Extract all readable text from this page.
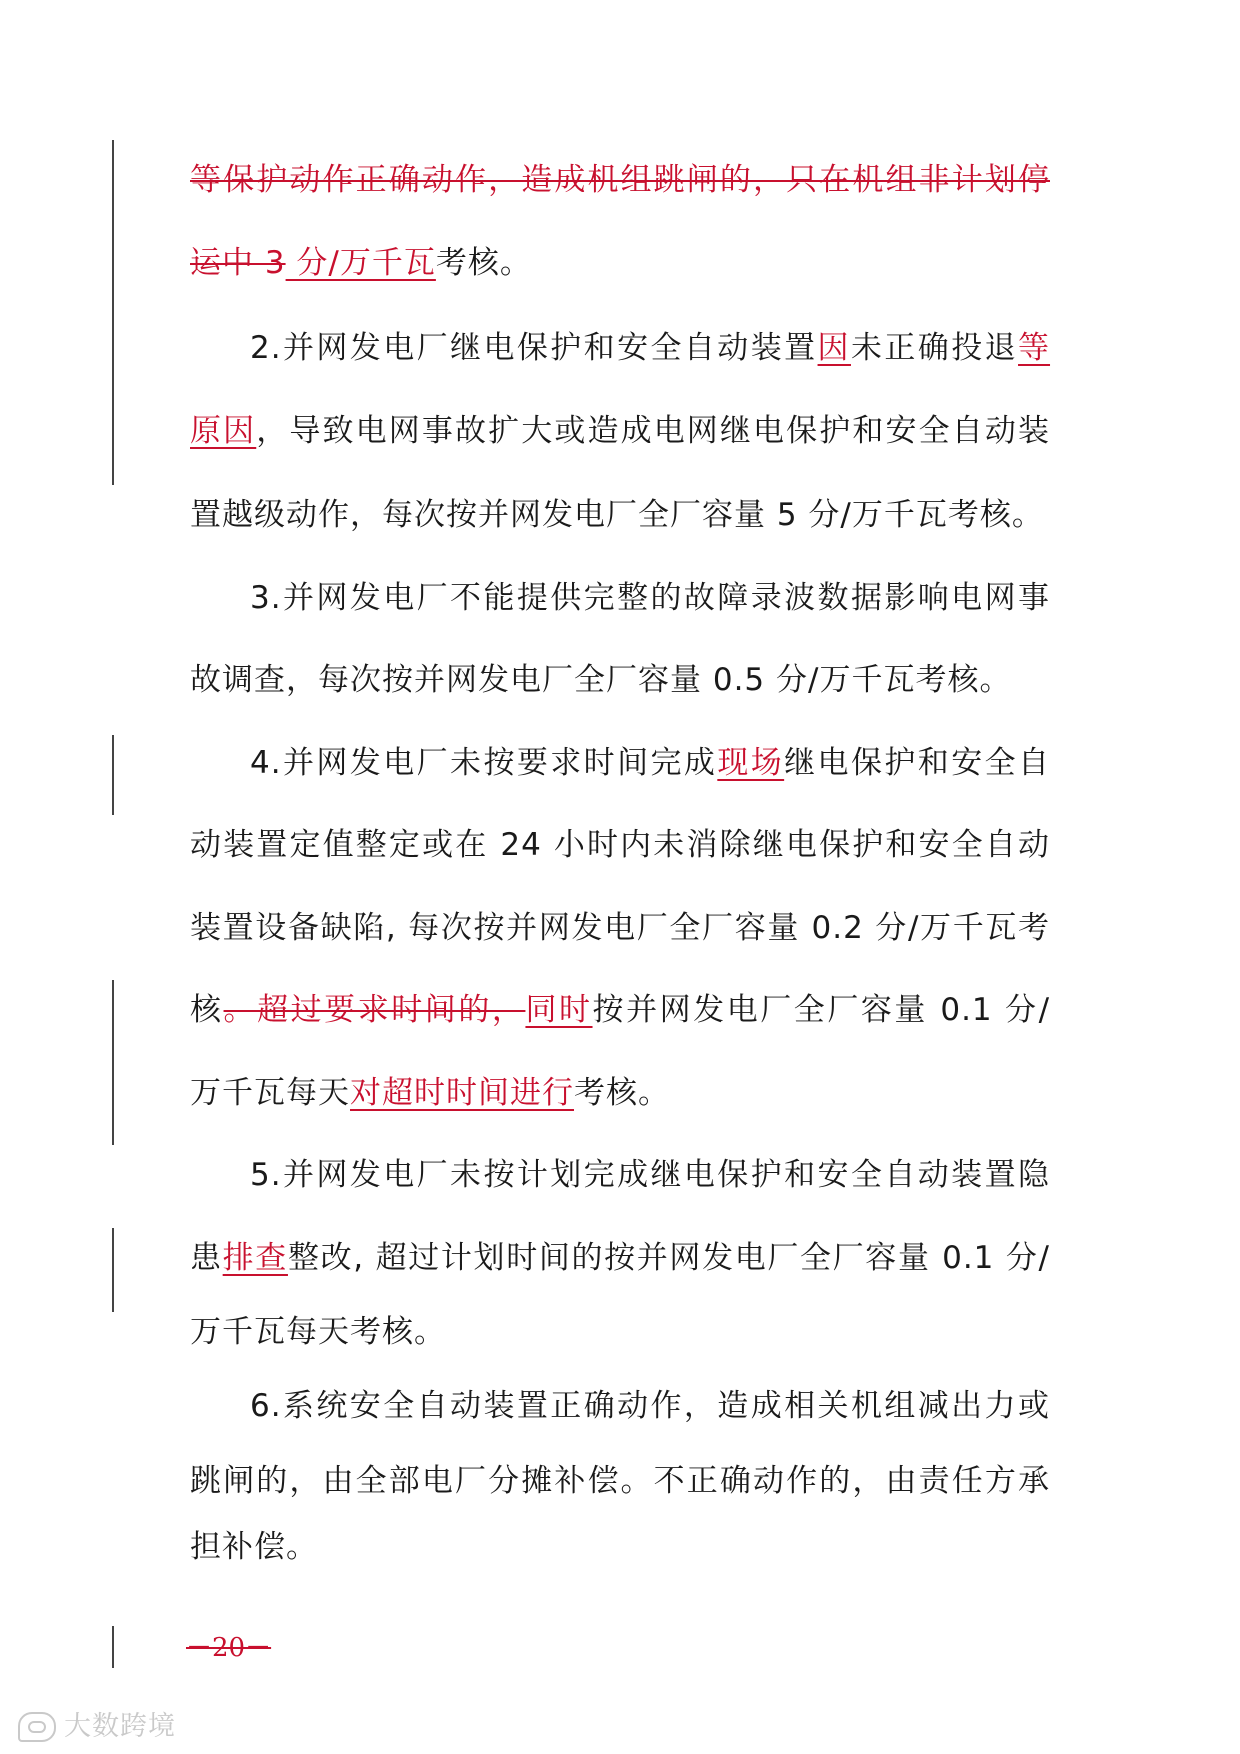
等保护动作正确动作，造成机组跳闸的，只在机组非计划停
运中 3 分/万千瓦考核。
2.并网发电厂继电保护和安全自动装置因未正确投退等
原因，导致电网事故扩大或造成电网继电保护和安全自动装
置越级动作，每次按并网发电厂全厂容量 5 分/万千瓦考核。
3.并网发电厂不能提供完整的故障录波数据影响电网事
故调查，每次按并网发电厂全厂容量 0.5 分/万千瓦考核。
4.并网发电厂未按要求时间完成现场继电保护和安全自
动装置定值整定或在 24 小时内未消除继电保护和安全自动
装置设备缺陷, 每次按并网发电厂全厂容量 0.2 分/万千瓦考
核。超过要求时间的，同时按并网发电厂全厂容量 0.1 分/
万千瓦每天对超时时间进行考核。
5.并网发电厂未按计划完成继电保护和安全自动装置隐
患排查整改, 超过计划时间的按并网发电厂全厂容量 0.1 分/
万千瓦每天考核。
6.系统安全自动装置正确动作，造成相关机组减出力或
跳闸的，由全部电厂分摊补偿。不正确动作的，由责任方承
担补偿。
－20－
大数跨境
